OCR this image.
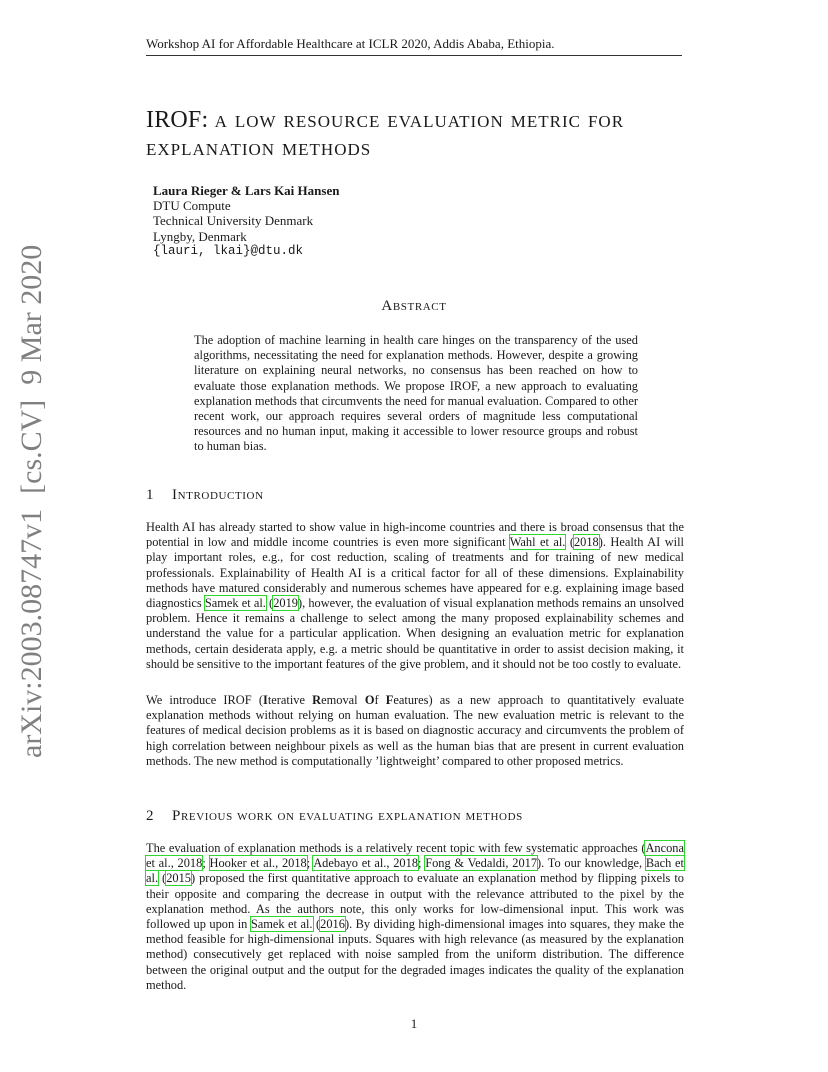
Workshop AI for Affordable Healthcare at ICLR 2020, Addis Ababa, Ethiopia.
IROF: a low resource evaluation metric for
explanation methods
Laura Rieger & Lars Kai Hansen
DTU Compute
Technical University Denmark
Lyngby, Denmark
{lauri, lkai}@dtu.dk
arXiv:2003.08747v1  [cs.CV]  9 Mar 2020	Abstract
The adoption of machine learning in health care hinges on the transparency of the used algorithms, necessitating the need for explanation methods. However, despite a growing literature on explaining neural networks, no consensus has been reached on how to evaluate those explanation methods. We propose IROF, a new approach to evaluating explanation methods that circumvents the need for manual evaluation. Compared to other recent work, our approach requires several orders of magnitude less computational resources and no human input, making it accessible to lower resource groups and robust to human bias.
1 Introduction
Health AI has already started to show value in high-income countries and there is broad consensus that the potential in low and middle income countries is even more significant Wahl et al. (2018). Health AI will play important roles, e.g., for cost reduction, scaling of treatments and for training of new medical professionals. Explainability of Health AI is a critical factor for all of these dimensions. Explainability methods have matured considerably and numerous schemes have appeared for e.g. explaining image based diagnostics Samek et al. (2019), however, the evaluation of visual explanation methods remains an unsolved problem. Hence it remains a challenge to select among the many proposed explainability schemes and understand the value for a particular application. When designing an evaluation metric for explanation methods, certain desiderata apply, e.g. a metric should be quantitative in order to assist decision making, it should be sensitive to the important features of the give problem, and it should not be too costly to evaluate.
We introduce IROF (Iterative Removal Of Features) as a new approach to quantitatively evaluate explanation methods without relying on human evaluation. The new evaluation metric is relevant to the features of medical decision problems as it is based on diagnostic accuracy and circumvents the problem of high correlation between neighbour pixels as well as the human bias that are present in current evaluation methods. The new method is computationally ’lightweight’ compared to other proposed metrics.
2 Previous work on evaluating explanation methods
The evaluation of explanation methods is a relatively recent topic with few systematic approaches (Ancona et al., 2018; Hooker et al., 2018; Adebayo et al., 2018; Fong & Vedaldi, 2017). To our knowledge, Bach et al. (2015) proposed the first quantitative approach to evaluate an explanation method by flipping pixels to their opposite and comparing the decrease in output with the relevance attributed to the pixel by the explanation method. As the authors note, this only works for low-dimensional input. This work was followed up upon in Samek et al. (2016). By dividing high-dimensional images into squares, they make the method feasible for high-dimensional inputs. Squares with high relevance (as measured by the explanation method) consecutively get replaced with noise sampled from the uniform distribution. The difference between the original output and the output for the degraded images indicates the quality of the explanation method.
1
